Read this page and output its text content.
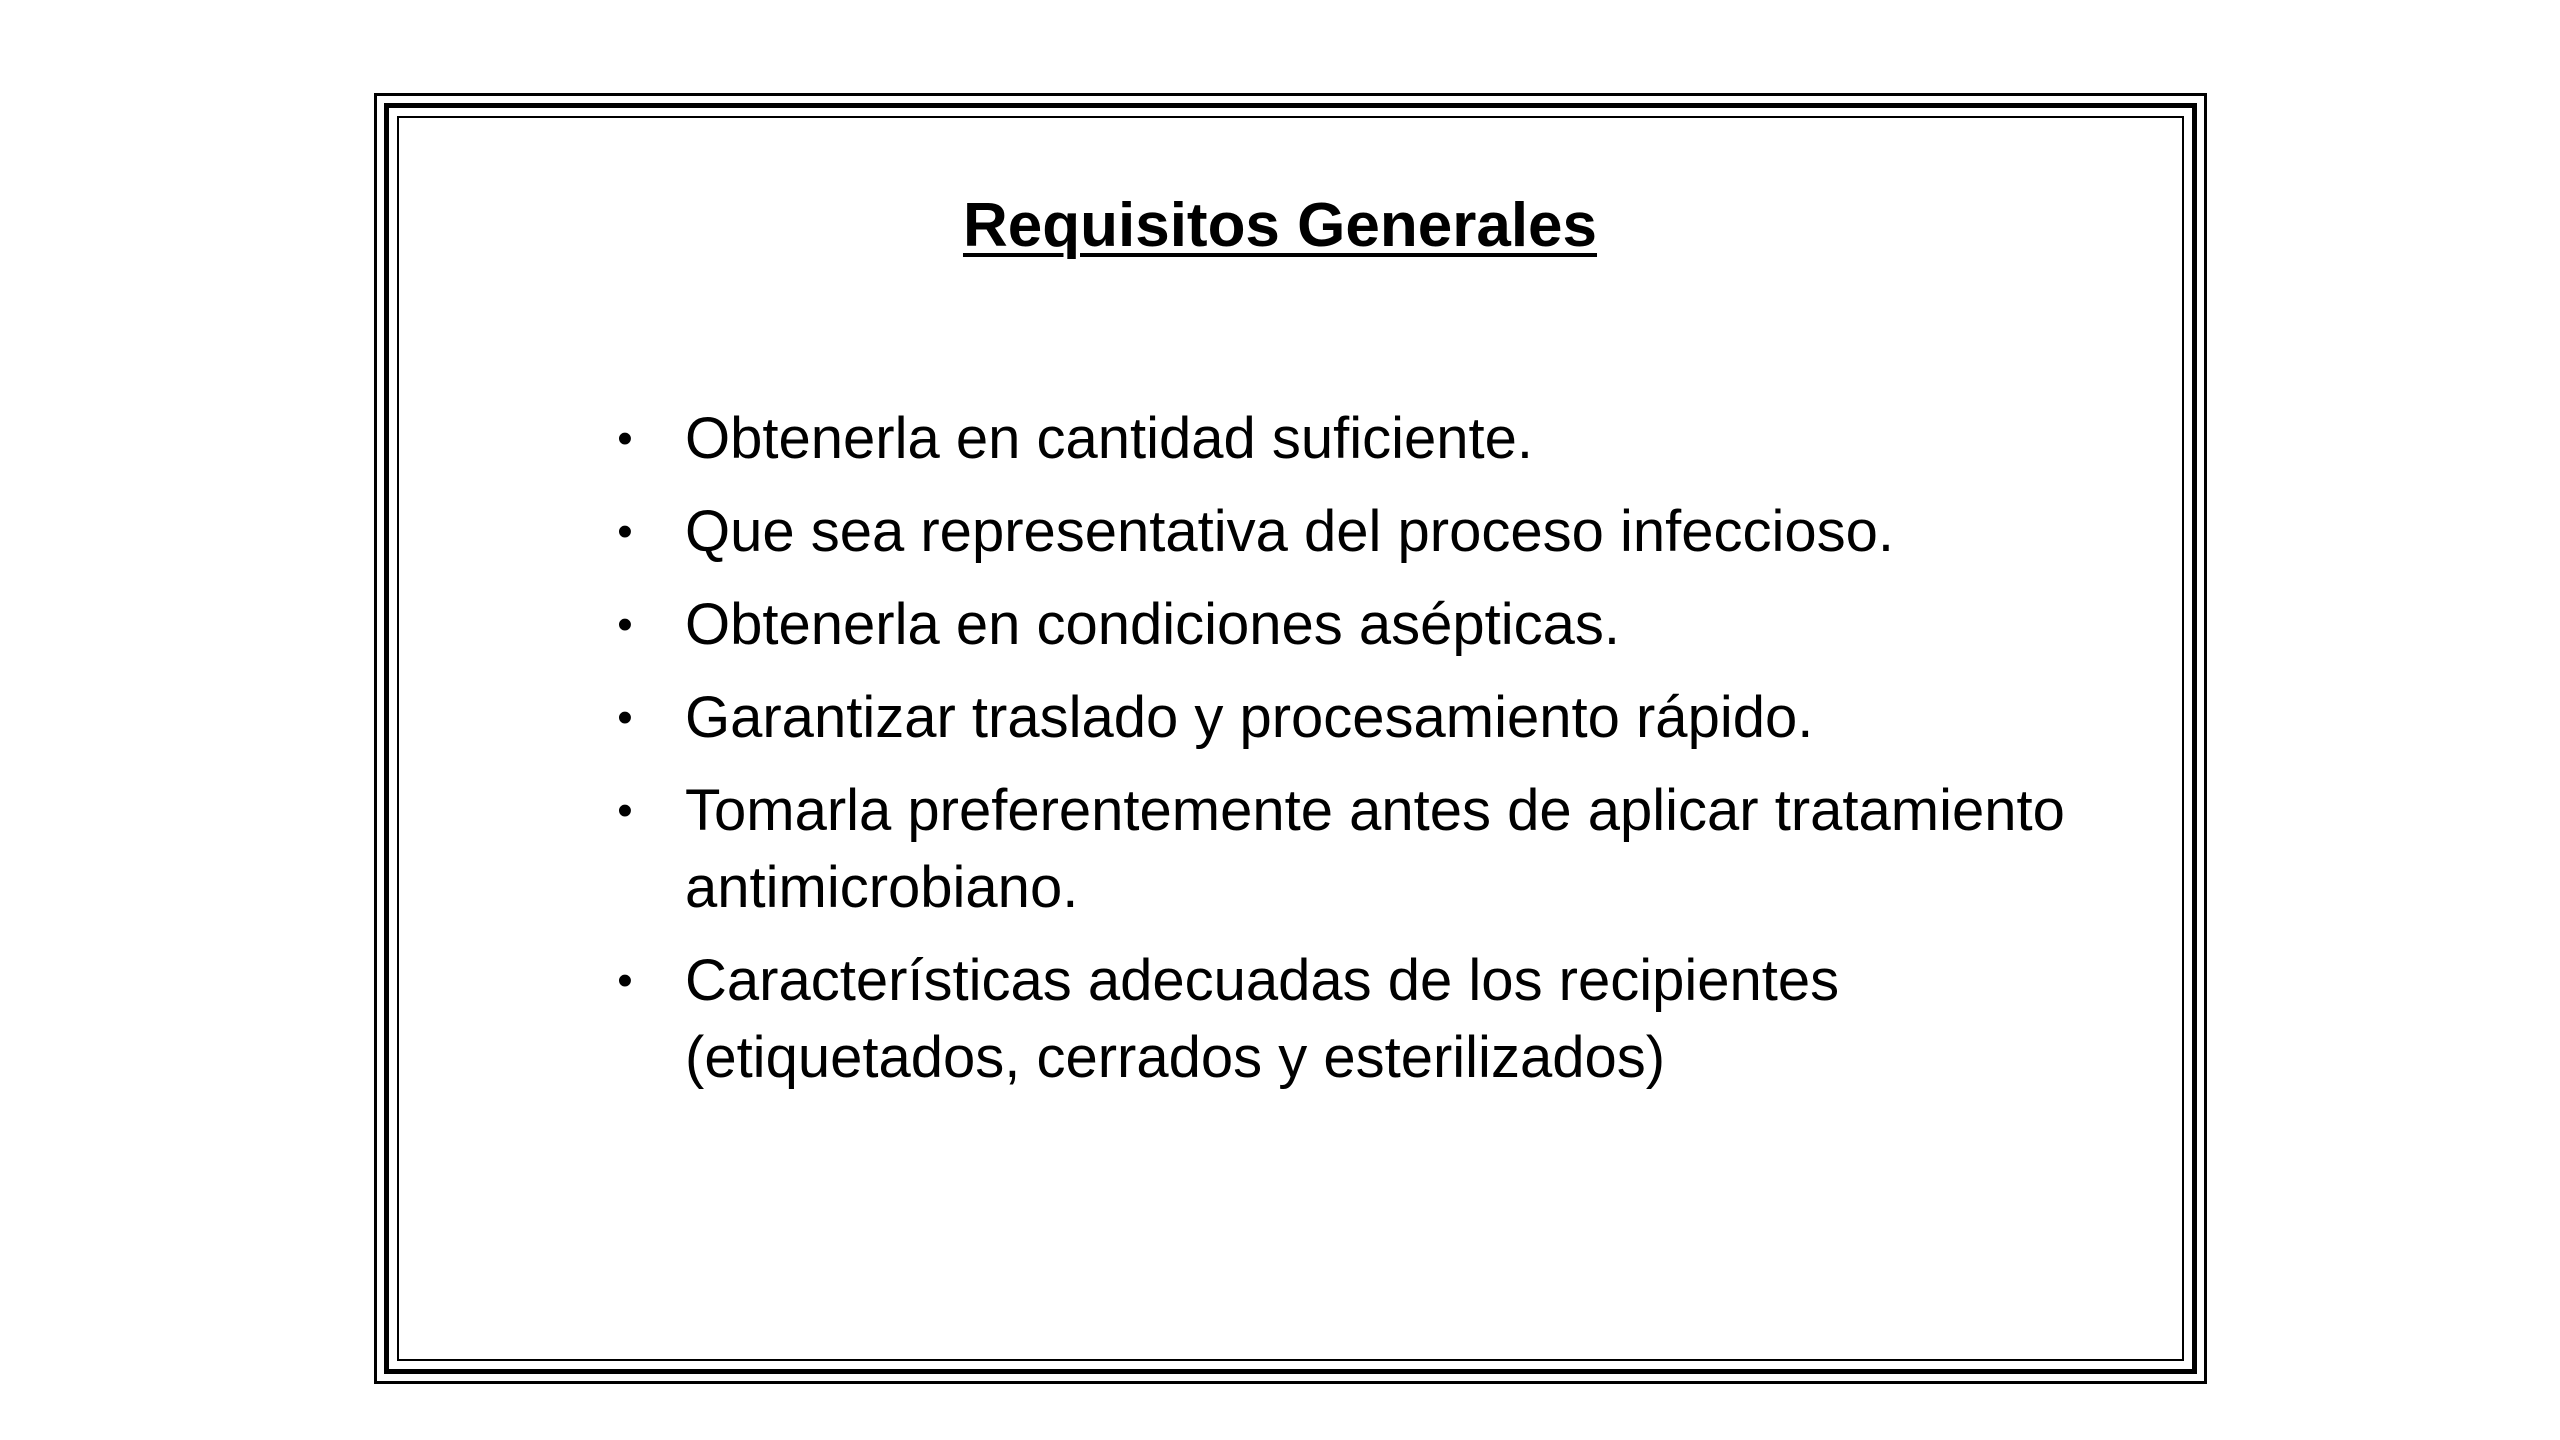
Requisitos Generales
• Obtenerla en cantidad suficiente.
• Que sea representativa del proceso infeccioso.
• Obtenerla en condiciones asépticas.
• Garantizar traslado y procesamiento rápido.
• Tomarla preferentemente antes de aplicar tratamiento antimicrobiano.
• Características adecuadas de los recipientes (etiquetados, cerrados y esterilizados)
